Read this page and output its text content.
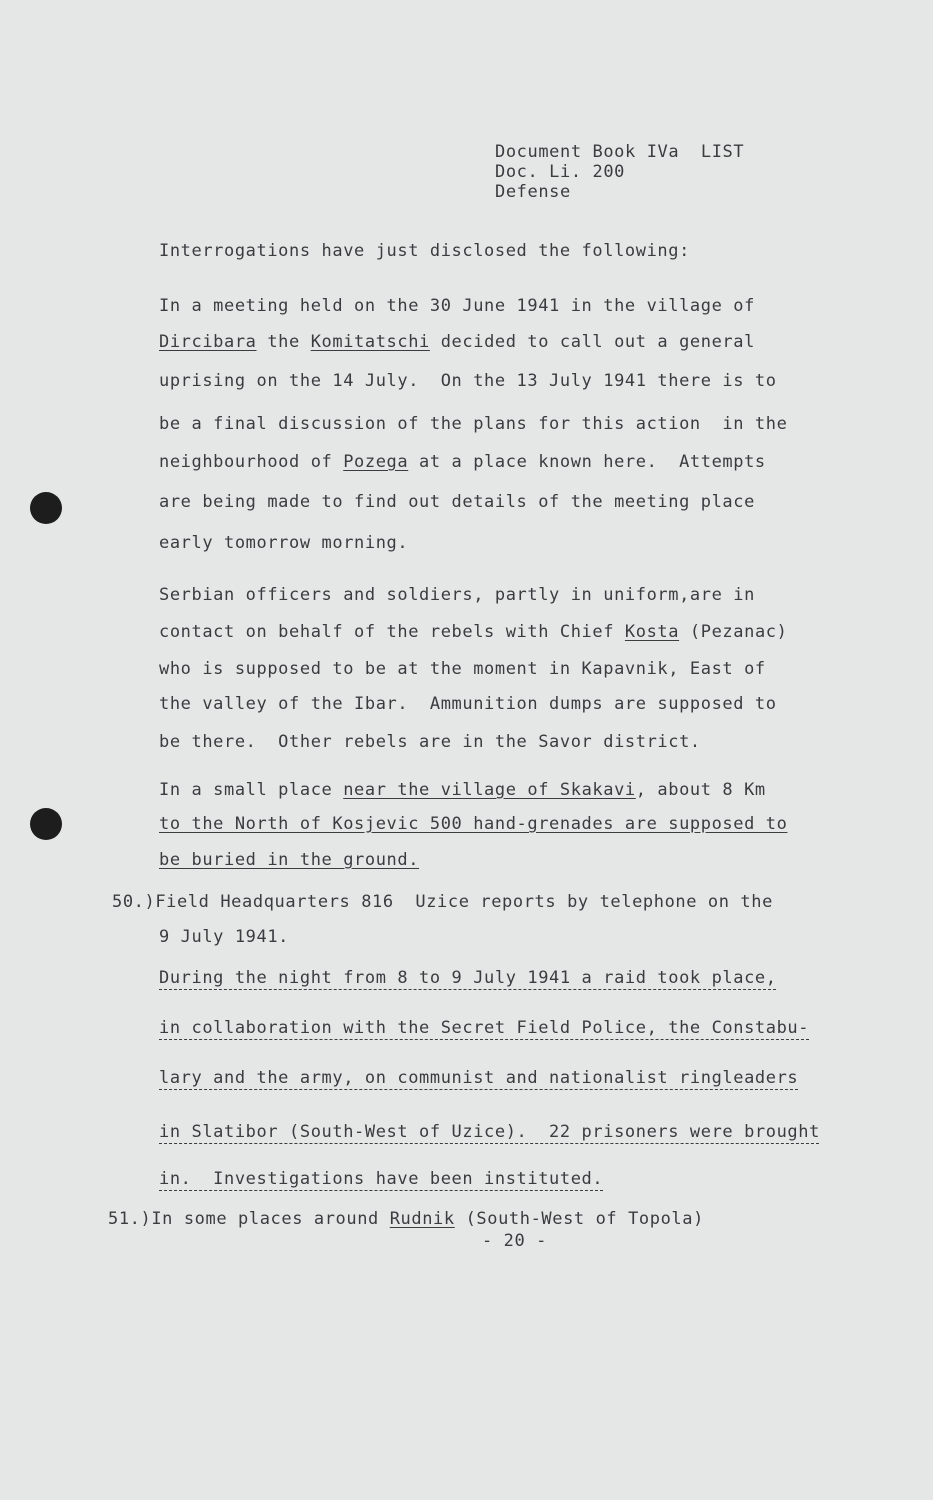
Document Book IVa  LIST
Doc. Li. 200
Defense
Interrogations have just disclosed the following:
In a meeting held on the 30 June 1941 in the village of
Dircibara the Komitatschi decided to call out a general
uprising on the 14 July.  On the 13 July 1941 there is to
be a final discussion of the plans for this action  in the
neighbourhood of Pozega at a place known here.  Attempts
are being made to find out details of the meeting place
early tomorrow morning.
Serbian officers and soldiers, partly in uniform,are in
contact on behalf of the rebels with Chief Kosta (Pezanac)
who is supposed to be at the moment in Kapavnik, East of
the valley of the Ibar.  Ammunition dumps are supposed to
be there.  Other rebels are in the Savor district.
In a small place near the village of Skakavi, about 8 Km
to the North of Kosjevic 500 hand-grenades are supposed to
be buried in the ground.
50.)Field Headquarters 816  Uzice reports by telephone on the
9 July 1941.
During the night from 8 to 9 July 1941 a raid took place,
in collaboration with the Secret Field Police, the Constabu-
lary and the army, on communist and nationalist ringleaders
in Slatibor (South-West of Uzice).  22 prisoners were brought
in.  Investigations have been instituted.
51.)In some places around Rudnik (South-West of Topola)
- 20 -
